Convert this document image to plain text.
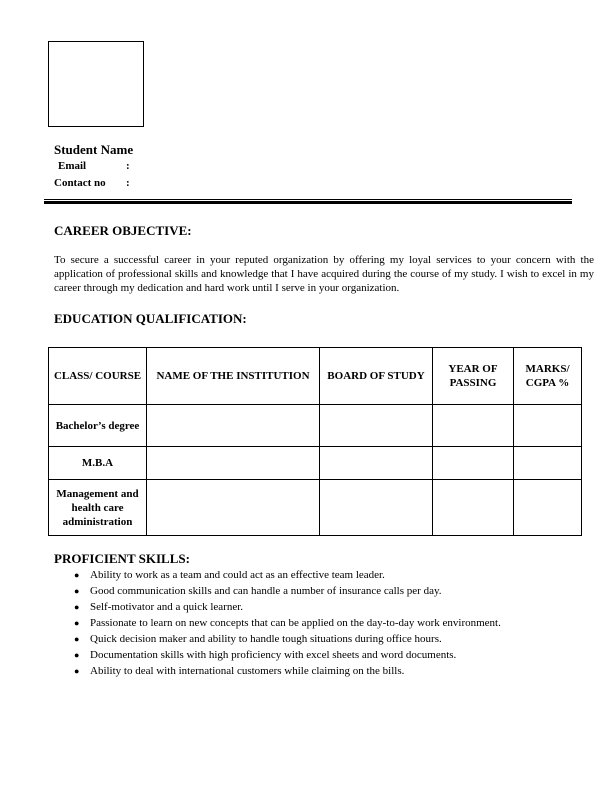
Student Name
Email	:
Contact no :
CAREER OBJECTIVE:
To secure a successful career in your reputed organization by offering my loyal services to your concern with the application of professional skills and knowledge that I have acquired during the course of my study. I wish to excel in my career through my dedication and hard work until I serve in your organization.
EDUCATION QUALIFICATION:
CLASS/ COURSE	NAME OF THE INSTITUTION	BOARD OF STUDY	YEAR OF PASSING	MARKS/ CGPA %
Bachelor’s degree				
M.B.A				
Management and health care administration				
PROFICIENT SKILLS:
● Ability to work as a team and could act as an effective team leader.
● Good communication skills and can handle a number of insurance calls per day.
● Self-motivator and a quick learner.
● Passionate to learn on new concepts that can be applied on the day-to-day work environment.
● Quick decision maker and ability to handle tough situations during office hours.
● Documentation skills with high proficiency with excel sheets and word documents.
● Ability to deal with international customers while claiming on the bills.
